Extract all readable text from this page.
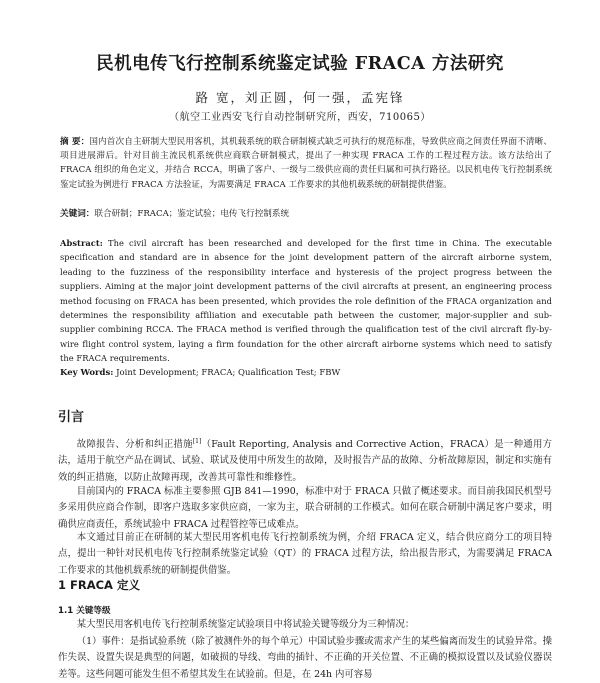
民机电传飞行控制系统鉴定试验 FRACA 方法研究
路 宽，刘正圆，何一强，孟宪锋
（航空工业西安飞行自动控制研究所，西安，710065）
摘 要：国内首次自主研制大型民用客机，其机载系统的联合研制模式缺乏可执行的规范标准，导致供应商之间责任界面不清晰、项目进展滞后。针对目前主流民机系统供应商联合研制模式，提出了一种实现 FRACA 工作的工程过程方法。该方法给出了 FRACA 组织的角色定义，并结合 RCCA，明确了客户、一级与二级供应商的责任归属和可执行路径。以民机电传飞行控制系统鉴定试验为例进行 FRACA 方法验证，为需要满足 FRACA 工作要求的其他机载系统的研制提供借鉴。
关键词：联合研制；FRACA；鉴定试验；电传飞行控制系统
Abstract: The civil aircraft has been researched and developed for the first time in China. The executable specification and standard are in absence for the joint development pattern of the aircraft airborne system, leading to the fuzziness of the responsibility interface and hysteresis of the project progress between the suppliers. Aiming at the major joint development patterns of the civil aircrafts at present, an engineering process method focusing on FRACA has been presented, which provides the role definition of the FRACA organization and determines the responsibility affiliation and executable path between the customer, major-supplier and sub-supplier combining RCCA. The FRACA method is verified through the qualification test of the civil aircraft fly-by-wire flight control system, laying a firm foundation for the other aircraft airborne systems which need to satisfy the FRACA requirements.
Key Words: Joint Development; FRACA; Qualification Test; FBW
引言
故障报告、分析和纠正措施[1]（Fault Reporting, Analysis and Corrective Action，FRACA）是一种通用方法，适用于航空产品在调试、试验、联试及使用中所发生的故障，及时报告产品的故障、分析故障原因，制定和实施有效的纠正措施，以防止故障再现，改善其可靠性和维修性。
目前国内的 FRACA 标准主要参照 GJB 841—1990，标准中对于 FRACA 只做了概述要求。而目前我国民机型号多采用供应商合作制，即客户选取多家供应商，一家为主，联合研制的工作模式。如何在联合研制中满足客户要求，明确供应商责任，系统试验中 FRACA 过程管控等已成难点。
本文通过目前正在研制的某大型民用客机电传飞行控制系统为例，介绍 FRACA 定义，结合供应商分工的项目特点，提出一种针对民机电传飞行控制系统鉴定试验（QT）的 FRACA 过程方法，给出报告形式，为需要满足 FRACA 工作要求的其他机载系统的研制提供借鉴。
1 FRACA 定义
1.1 关键等级
某大型民用客机电传飞行控制系统鉴定试验项目中将试验关键等级分为三种情况：
（1）事件：是指试验系统（除了被测件外的每个单元）中国试验步骤或需求产生的某些偏离而发生的试验异常。操作失误、设置失误是典型的问题，如破损的导线、弯曲的插针、不正确的开关位置、不正确的模拟设置以及试验仪器误差等。这些问题可能发生但不希望其发生在试验前。但是，在 24h 内可容易
